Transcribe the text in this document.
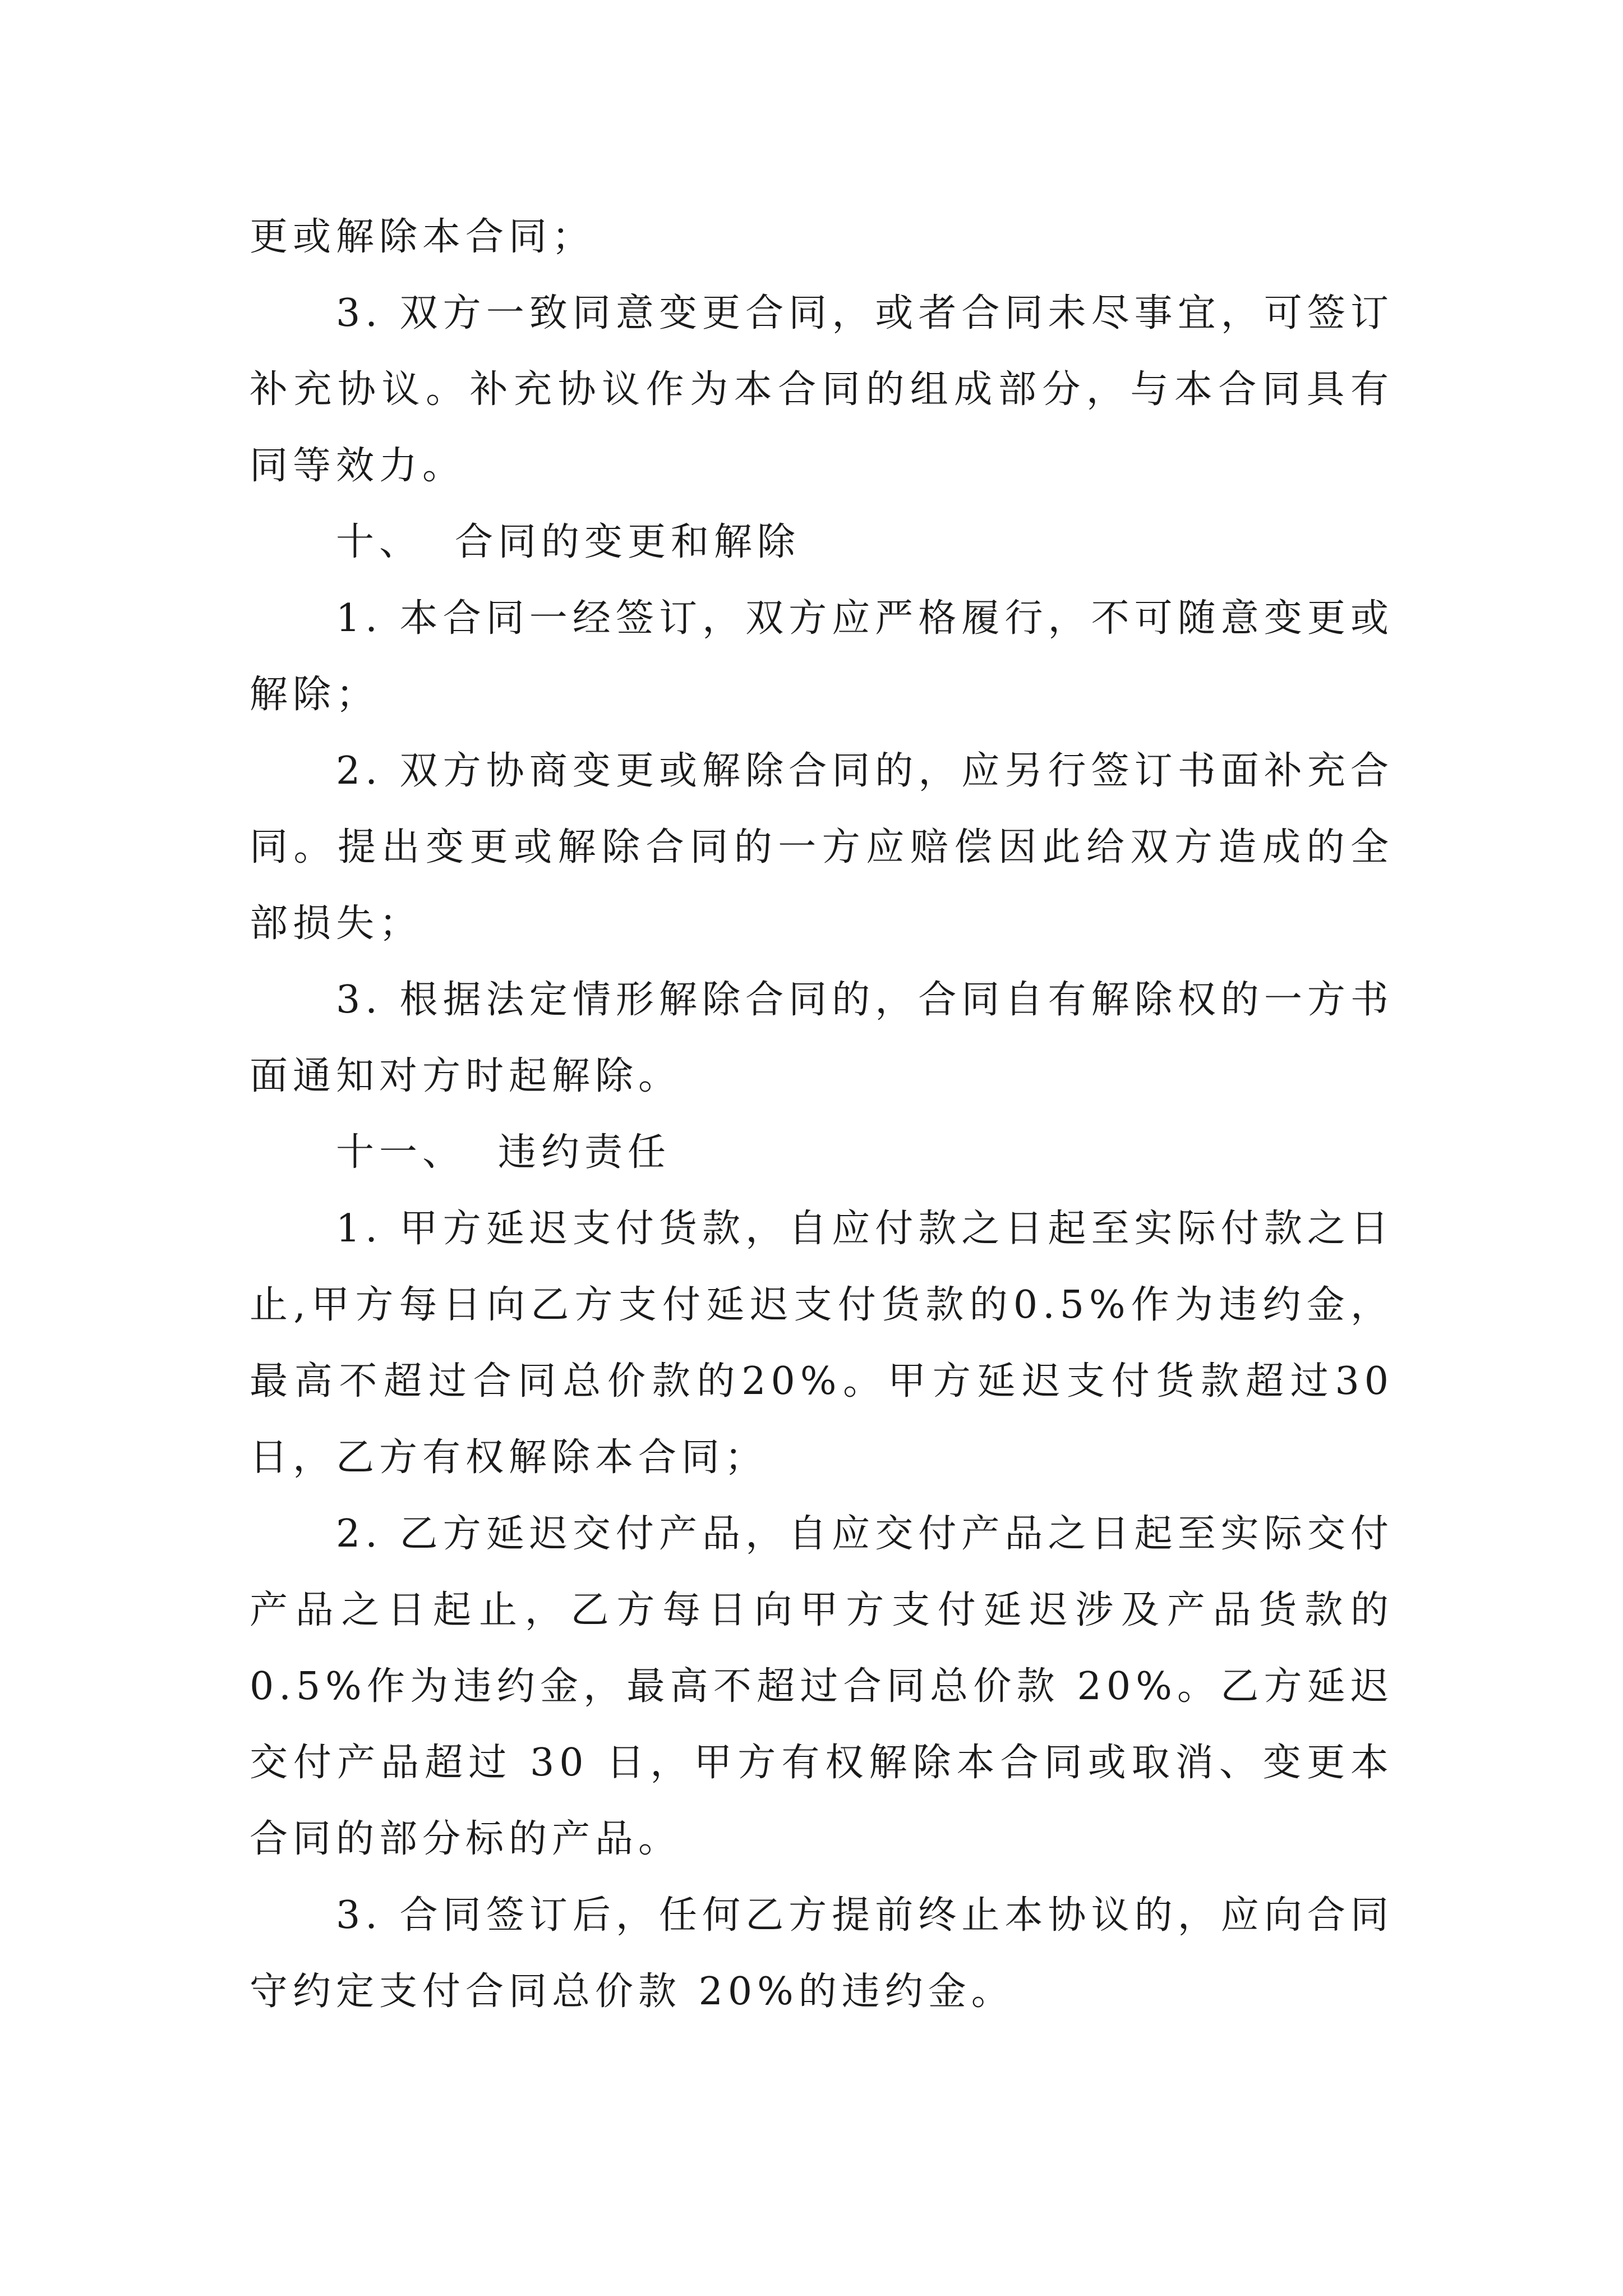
更或解除本合同；

3. 双方一致同意变更合同，或者合同未尽事宜，可签订补充协议。补充协议作为本合同的组成部分，与本合同具有同等效力。

十、 合同的变更和解除

1. 本合同一经签订，双方应严格履行，不可随意变更或解除；

2. 双方协商变更或解除合同的，应另行签订书面补充合同。提出变更或解除合同的一方应赔偿因此给双方造成的全部损失；

3. 根据法定情形解除合同的，合同自有解除权的一方书面通知对方时起解除。

十一、 违约责任

1. 甲方延迟支付货款，自应付款之日起至实际付款之日止,甲方每日向乙方支付延迟支付货款的0.5%作为违约金，最高不超过合同总价款的20%。甲方延迟支付货款超过30日，乙方有权解除本合同；

2. 乙方延迟交付产品，自应交付产品之日起至实际交付产品之日起止，乙方每日向甲方支付延迟涉及产品货款的0.5%作为违约金，最高不超过合同总价款 20%。乙方延迟交付产品超过 30 日，甲方有权解除本合同或取消、变更本合同的部分标的产品。

3. 合同签订后，任何乙方提前终止本协议的，应向合同守约定支付合同总价款 20%的违约金。
